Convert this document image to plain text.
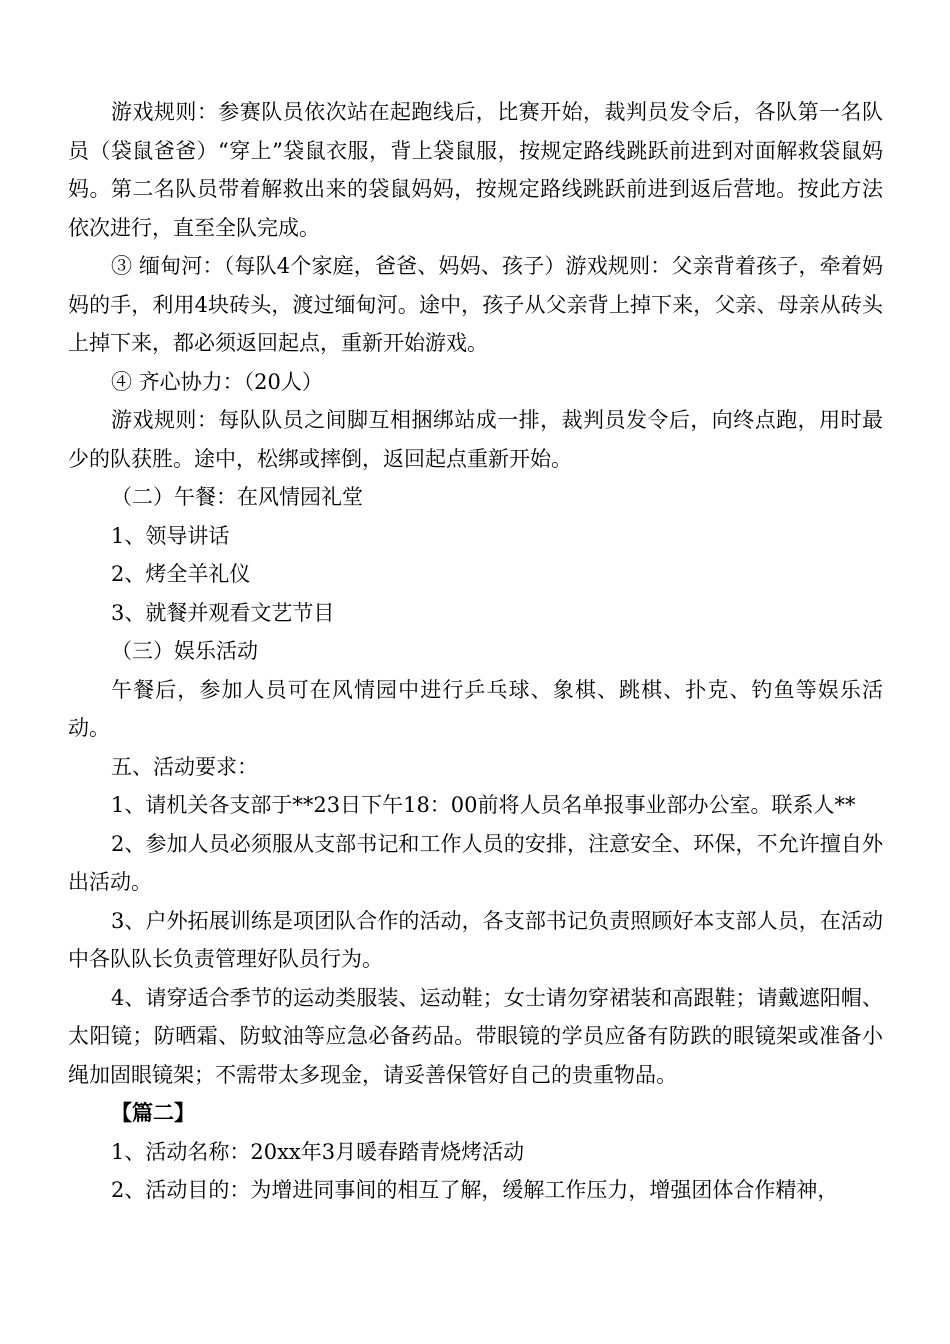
游戏规则：参赛队员依次站在起跑线后，比赛开始，裁判员发令后，各队第一名队员（袋鼠爸爸）“穿上”袋鼠衣服，背上袋鼠服，按规定路线跳跃前进到对面解救袋鼠妈妈。第二名队员带着解救出来的袋鼠妈妈，按规定路线跳跃前进到返后营地。按此方法依次进行，直至全队完成。

③ 缅甸河：（每队4个家庭，爸爸、妈妈、孩子）游戏规则：父亲背着孩子，牵着妈妈的手，利用4块砖头，渡过缅甸河。途中，孩子从父亲背上掉下来，父亲、母亲从砖头上掉下来，都必须返回起点，重新开始游戏。

④ 齐心协力：（20人）

游戏规则：每队队员之间脚互相捆绑站成一排，裁判员发令后，向终点跑，用时最少的队获胜。途中，松绑或摔倒，返回起点重新开始。

（二）午餐：在风情园礼堂

1、领导讲话

2、烤全羊礼仪

3、就餐并观看文艺节目

（三）娱乐活动

午餐后，参加人员可在风情园中进行乒乓球、象棋、跳棋、扑克、钓鱼等娱乐活动。

五、活动要求：

1、请机关各支部于**23日下午18：00前将人员名单报事业部办公室。联系人**

2、参加人员必须服从支部书记和工作人员的安排，注意安全、环保，不允许擅自外出活动。

3、户外拓展训练是项团队合作的活动，各支部书记负责照顾好本支部人员，在活动中各队队长负责管理好队员行为。

4、请穿适合季节的运动类服装、运动鞋；女士请勿穿裙装和高跟鞋；请戴遮阳帽、太阳镜；防晒霜、防蚊油等应急必备药品。带眼镜的学员应备有防跌的眼镜架或准备小绳加固眼镜架；不需带太多现金，请妥善保管好自己的贵重物品。

【篇二】

1、活动名称：20xx年3月暖春踏青烧烤活动

2、活动目的：为增进同事间的相互了解，缓解工作压力，增强团体合作精神，
